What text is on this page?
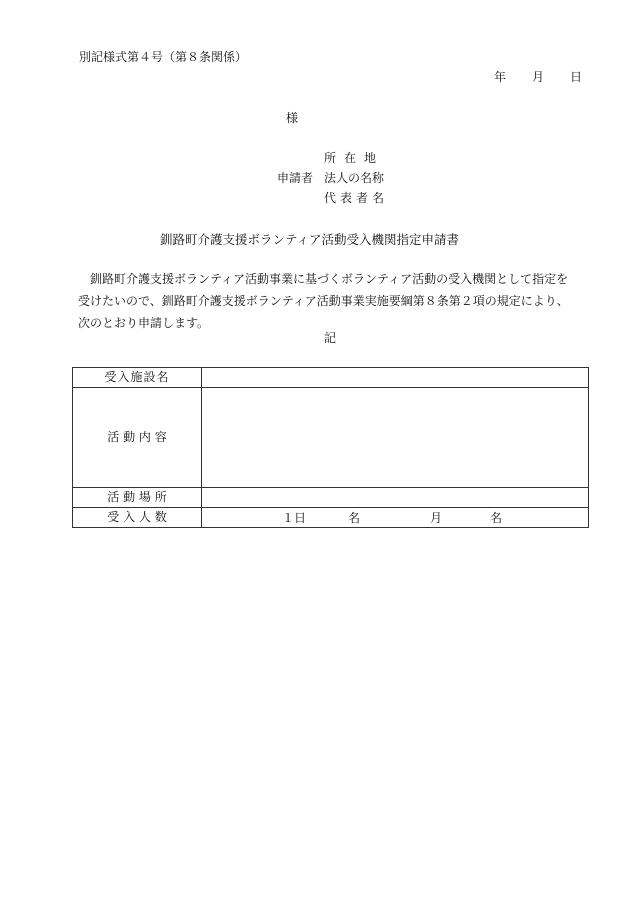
別記様式第４号（第８条関係）
年 月 日
様
所在地
申請者 法人の名称
代表者名
釧路町介護支援ボランティア活動受入機関指定申請書
釧路町介護支援ボランティア活動事業に基づくボランティア活動の受入機関として指定を
受けたいので、釧路町介護支援ボランティア活動事業実施要綱第８条第２項の規定により、
次のとおり申請します。
記
受入施設名	
活 動 内 容	
活 動 場 所	
受 入 人 数	１日 名 月 名
